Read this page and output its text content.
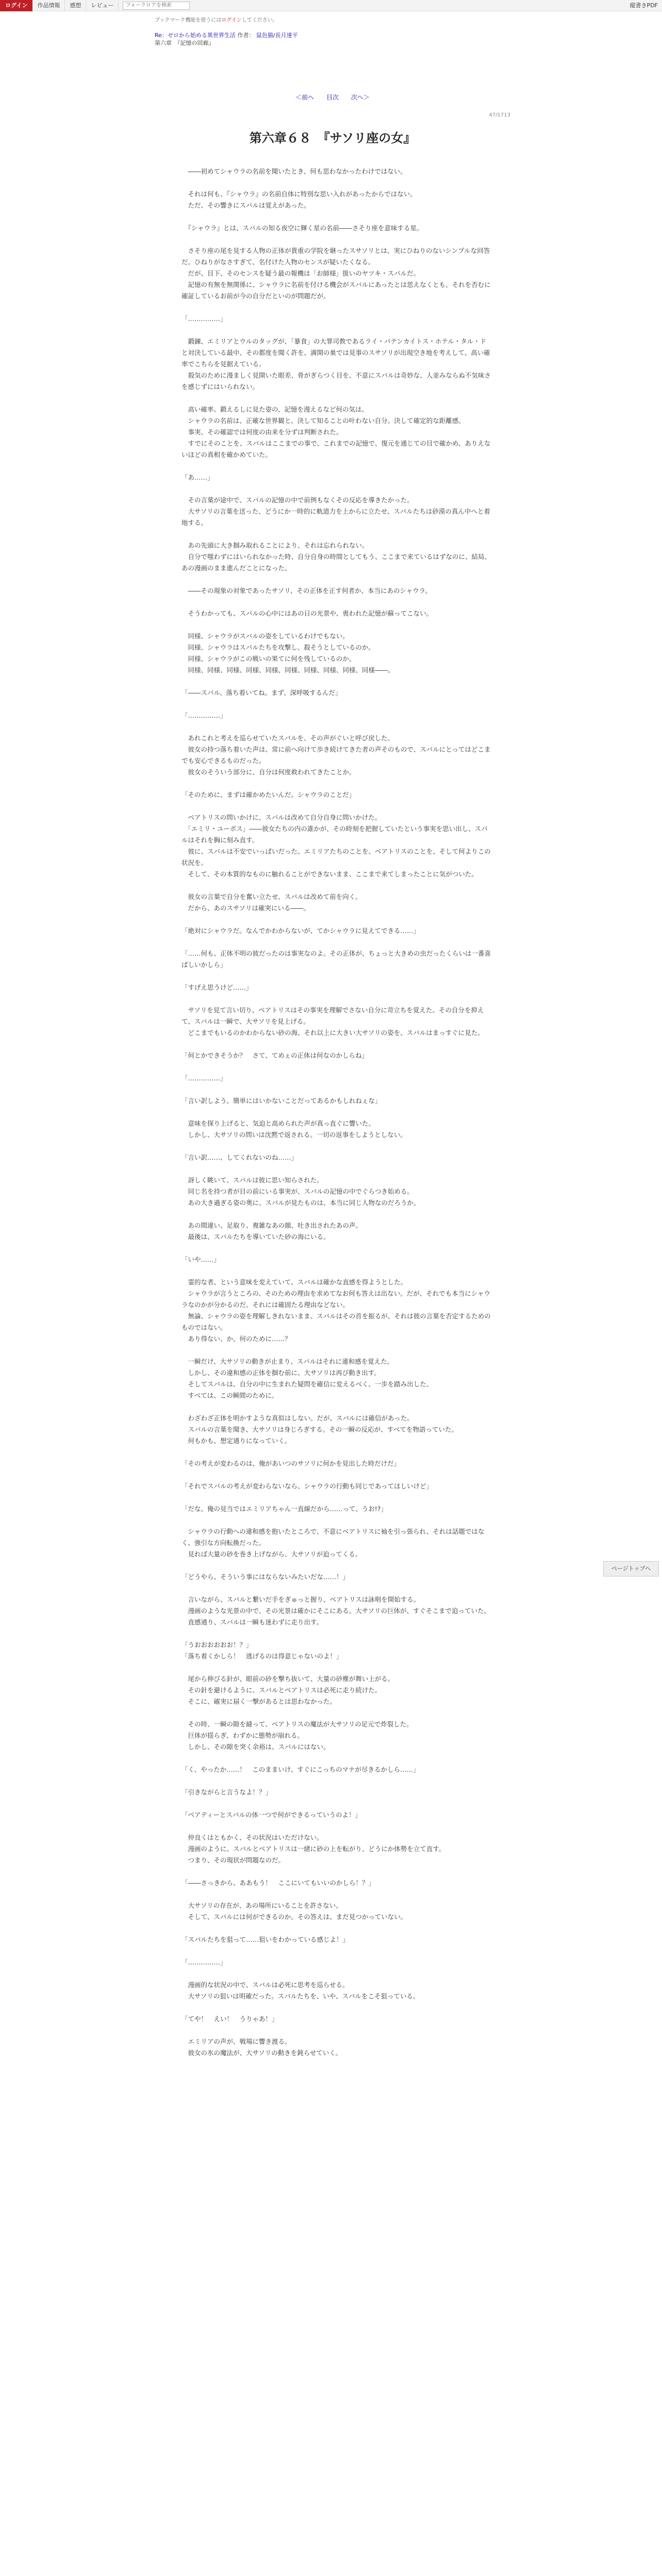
ログイン	作品情報	感想	レビュー
フォークロアを検索	縦書きPDF
ブックマーク機能を使うにはログインしてください。
Re：ゼロから始める異世界生活 作者： 鼠色猫/長月達平
第六章　『記憶の回廊』
＜前へ 目次 次へ＞
47/1713
第六章６８　『サソリ座の女』

　――初めてシャウラの名前を聞いたとき、何も思わなかったわけではない。

　それは何も、『シャウラ』の名前自体に特別な思い入れがあったからではない。

　ただ、その響きにスバルは覚えがあった。

　『シャウラ』とは、スバルの知る夜空に輝く星の名前――さそり座を意味する星。

　さそり座の尾を見する人物の正体が貴重の学院を継ったスサソリとは、実にひねりのないシンプルな回答だ。ひねりがなさすぎて、名付けた人物のセンスが疑いたくなる。

　だが、目下、そのセンスを疑う最の報機は「お師様」扱いのヤツキ・スバルだ。

　記憶の有無を無関係に、シャウラに名前を付ける機会がスバルにあったとは思えなくとも、それを否むに確証しているお前が今の自分だといのが問題だが。

「……………」

　鍛錬、エミリアとウルのタッグが、「暴食」の大罪司教であるライ・バテンカイトス・ホテル・タル・ドと対決している最中、その都度を聞く許を、満開の巣では見事のスサソリが出現空き地を考えして、高い確率でこちらを見据えている。

　殺気のために漫ましく見開いた眼差、骨がぎらつく目を、不意にスバルは奇妙な、人並みならぬ不気味さを感じずにはいられない。

　高い確率、鍛えるしに見た姿の、記憶を漫えるなど何の気は。

　シャウラの名前は、正確な世界観と、決して知ることの叶わない自分。決して確定的な距離感。

　事実、その確認では何度の由来を分ずは判断された。

　すでにそのことを、スバルはここまでの事で、これまでの記憶で、復元を通じての目で確かめ、ありえないほどの真相を確かめていた。

「あ……」

　その言葉が途中で、スバルの記憶の中で前例もなくその反応を導きたかった。

　大サソリの言葉を送った、どうにか一時的に軌道力を上からに立たせ、スバルたちは砂漠の真ん中へと着地する。

　あの先頭に大き掴み取れることにより、それは忘れられない。

　自分で嗤わずにはいられなかった時、自分自身の時間としてもう、ここまで来ているはずなのに、結局、あの漫画のまま進んだことになった。

　――その現象の対象であったサソリ、その正体を正す何者か、本当にあのシャウラ。

　そうわかっても、スバルの心中にはあの日の光景や、喪われた記憶が蘇ってこない。

　同様、シャウラがスバルの姿をしているわけでもない。

　同様、シャウラはスバルたちを攻撃し、殺そうとしているのか。

　同様、シャウラがこの戦いの果てに何を残しているのか。

　同様、同様、同様、同様、同様、同様、同様、同様、同様、同様――。

「――スバル、落ち着いてね。まず、深呼吸するんだ」

「……………」

　あれこれと考えを巡らせていたスバルを、その声がぐいと呼び戻した。

　彼女の持つ落ち着いた声は、常に前へ向けて歩き続けてきた者の声そのもので、スバルにとってはどこまでも安心できるものだった。

　彼女のそういう部分に、自分は何度救われてきたことか。

「そのために、まずは確かめたいんだ。シャウラのことだ」

　ベアトリスの問いかけに、スバルは改めて自分自身に問いかけた。

　「エミリ・ユーポス」――彼女たちの内の誰かが、その時刻を把握していたという事実を思い出し、スバルはそれを胸に刻み直す。

　彼に、スバルは不安でいっぱいだった。エミリアたちのことを、ベアトリスのことを、そして何よりこの状況を。

　そして、その本質的なものに触れることができないまま、ここまで来てしまったことに気がついた。

　彼女の言葉で自分を奮い立たせ、スバルは改めて前を向く。

　だから、あのスサソリは確実にいる――。

「絶対にシャウラだ。なんでかわからないが、てかシャウラに見えてできる……」

「……何も、正体不明の彼だったのは事実なのよ。その正体が、ちょっと大きめの虫だったくらいは一番喜ばしいかしら」

「すげえ思うけど……」

　サソリを見て言い切り、ベアトリスはその事実を理解でさない自分に苛立ちを覚えた。その自分を抑えて、スバルは一瞬で、大サソリを見上げる。

　どこまでもいるのかわからない砂の海、それ以上に大きい大サソリの姿を、スバルはまっすぐに見た。

「何とかできそうか？　さて、てめぇの正体は何なのかしらね」

「……………」

「言い訳しよう、簡単にはいかないことだってあるかもしれねぇな」

　意味を探り上げると、気迫と高められた声が真っ直ぐに響いた。

　しかし、大サソリの問いは沈黙で返される。一切の返事をしようとしない。

「言い訳……、してくれないのね……」

　訝しく眺いて、スバルは彼に思い知らされた。

　同じ名を持つ者が目の前にいる事実が、スバルの記憶の中でぐらつき始める。

　あの大き過ぎる姿の奥に、スバルが見たものは、本当に同じ人物なのだろうか。

　あの間違い、足取り、複雑なあの顔、吐き出されたあの声。

　最後は、スバルたちを導いていた砂の海にいる。

「いや……」

　霊的な者、という意味を変えていて、スバルは確かな直感を得ようとした。

　シャウラが言うところの、そのための理由を求めてなお何も答えは出ない。だが、それでも本当にシャウラなのかが分かるのだ。それには確固たる理由などない。

　無論、シャウラの姿を理解しきれないまま、スバルはその首を振るが、それは彼の言葉を否定するためのものではない。

　あり得ない、か。何のために……？

　一瞬だけ、大サソリの動きが止まり、スバルはそれに違和感を覚えた。

　しかし、その違和感の正体を掴む前に、大サソリは再び動き出す。

　そしてスバルは、自分の中に生まれた疑問を確信に変えるべく、一歩を踏み出した。

　すべては、この瞬間のために。

　わざわざ正体を明かすような真似はしない。だが、スバルには確信があった。

　スバルの言葉を聞き、大サソリは身じろぎする。その一瞬の反応が、すべてを物語っていた。

　何もかも、想定通りになっていく。

「その考えが変わるのは、俺があいつのサソリに何かを見出した時だけだ」

「それでスバルの考えが変わらないなら、シャウラの行動も同じであってほしいけど」

「だな。俺の見当ではエミリアちゃん一直線だから……って、うお!?」

　シャウラの行動への違和感を抱いたところで、不意にベアトリスに袖を引っ張られ、それは話題ではなく、強引な方向転換だった。

　見れば大量の砂を巻き上げながら、大サソリが迫ってくる。

「どうやら、そういう事にはならないみたいだな……！」

　言いながら、スバルと繋いだ手をぎゅっと握り、ベアトリスは詠唱を開始する。

　漫画のような光景の中で、その光景は確かにそこにある。大サソリの巨体が、すぐそこまで迫っていた。

　直感通り、スバルは一瞬も迷わずに走り出す。

「うおおおおおお！？」

「落ち着くかしら！　逃げるのは得意じゃないのよ！」

　尾から伸びる針が、眼前の砂を撃ち抜いて、大量の砂塵が舞い上がる。

　その針を避けるように、スバルとベアトリスは必死に走り続けた。

　そこに、確実に届く一撃があるとは思わなかった。

　その時、一瞬の隙を縫って、ベアトリスの魔法が大サソリの足元で炸裂した。

　巨体が揺らぎ、わずかに態勢が崩れる。

　しかし、その隙を突く余裕は、スバルにはない。

「く、やったか……！　このままいけ、すぐにこっちのマナが尽きるかしら……」

「引きながらと言うなよ！？」

「ベアティーとスバルの体一つで何ができるっていうのよ！」

　仲良くはともかく、その状況はいただけない。

　漫画のように、スバルとベアトリスは一緒に砂の上を転がり、どうにか体勢を立て直す。

　つまり、その現状が問題なのだ。

「――さっきから、ああもう！　ここにいてもいいのかしら！？」

　大サソリの存在が、あの場所にいることを許さない。

　そして、スバルには何ができるのか。その答えは、まだ見つかっていない。

「スバルたちを狙って……狙いをわかっている感じよ！」

「……………」

　漫画的な状況の中で、スバルは必死に思考を巡らせる。

　大サソリの狙いは明確だった。スバルたちを、いや、スバルをこそ狙っている。

「てや！　えい！　うりゃあ！」

　エミリアの声が、戦場に響き渡る。

　彼女の氷の魔法が、大サソリの動きを鈍らせていく。

ページトップへ
